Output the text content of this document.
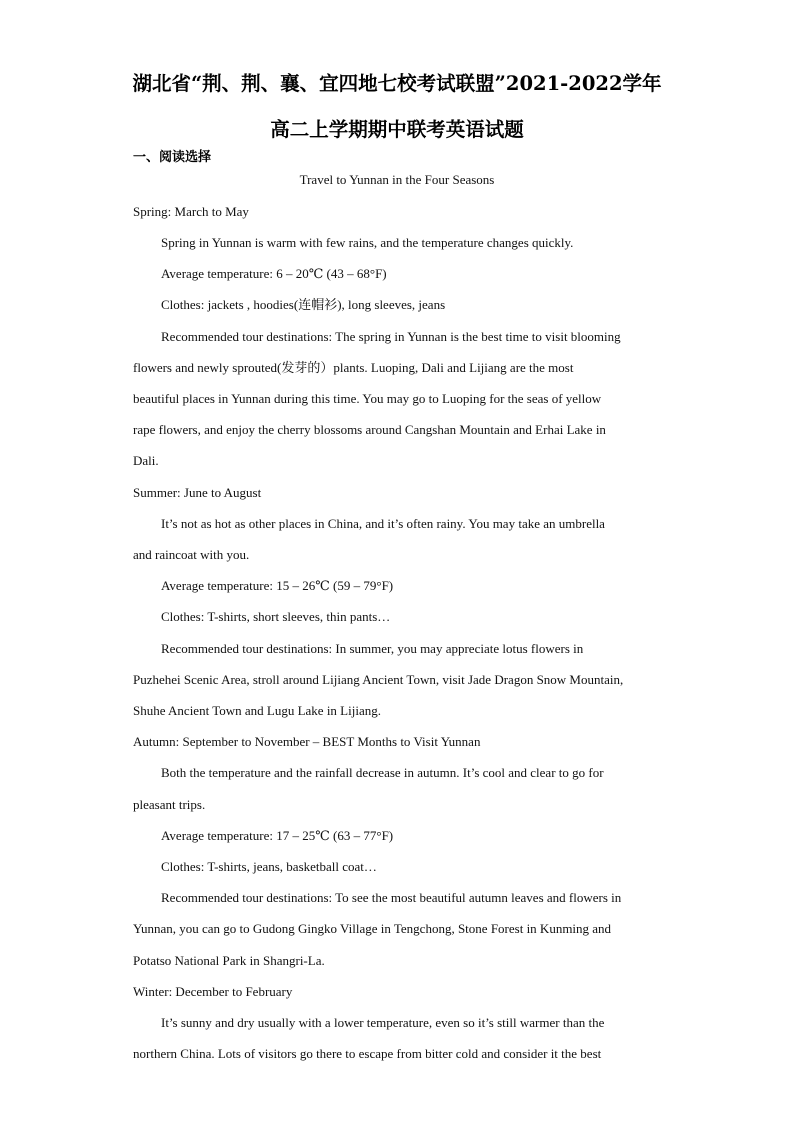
湖北省“荆、荆、襄、宜四地七校考试联盟”2021-2022学年
高二上学期期中联考英语试题
一、阅读选择
Travel to Yunnan in the Four Seasons
Spring: March to May
Spring in Yunnan is warm with few rains, and the temperature changes quickly.
Average temperature: 6 – 20℃ (43 – 68°F)
Clothes: jackets , hoodies(连帽衫), long sleeves, jeans
Recommended tour destinations: The spring in Yunnan is the best time to visit blooming
flowers and newly sprouted(发芽的）plants. Luoping, Dali and Lijiang are the most
beautiful places in Yunnan during this time. You may go to Luoping for the seas of yellow
rape flowers, and enjoy the cherry blossoms around Cangshan Mountain and Erhai Lake in
Dali.
Summer: June to August
It’s not as hot as other places in China, and it’s often rainy. You may take an umbrella
and raincoat with you.
Average temperature: 15 – 26℃ (59 – 79°F)
Clothes: T-shirts, short sleeves, thin pants…
Recommended tour destinations: In summer, you may appreciate lotus flowers in
Puzhehei Scenic Area, stroll around Lijiang Ancient Town, visit Jade Dragon Snow Mountain,
Shuhe Ancient Town and Lugu Lake in Lijiang.
Autumn: September to November – BEST Months to Visit Yunnan
Both the temperature and the rainfall decrease in autumn. It’s cool and clear to go for
pleasant trips.
Average temperature: 17 – 25℃ (63 – 77°F)
Clothes: T-shirts, jeans, basketball coat…
Recommended tour destinations: To see the most beautiful autumn leaves and flowers in
Yunnan, you can go to Gudong Gingko Village in Tengchong, Stone Forest in Kunming and
Potatso National Park in Shangri-La.
Winter: December to February
It’s sunny and dry usually with a lower temperature, even so it’s still warmer than the
northern China. Lots of visitors go there to escape from bitter cold and consider it the best
